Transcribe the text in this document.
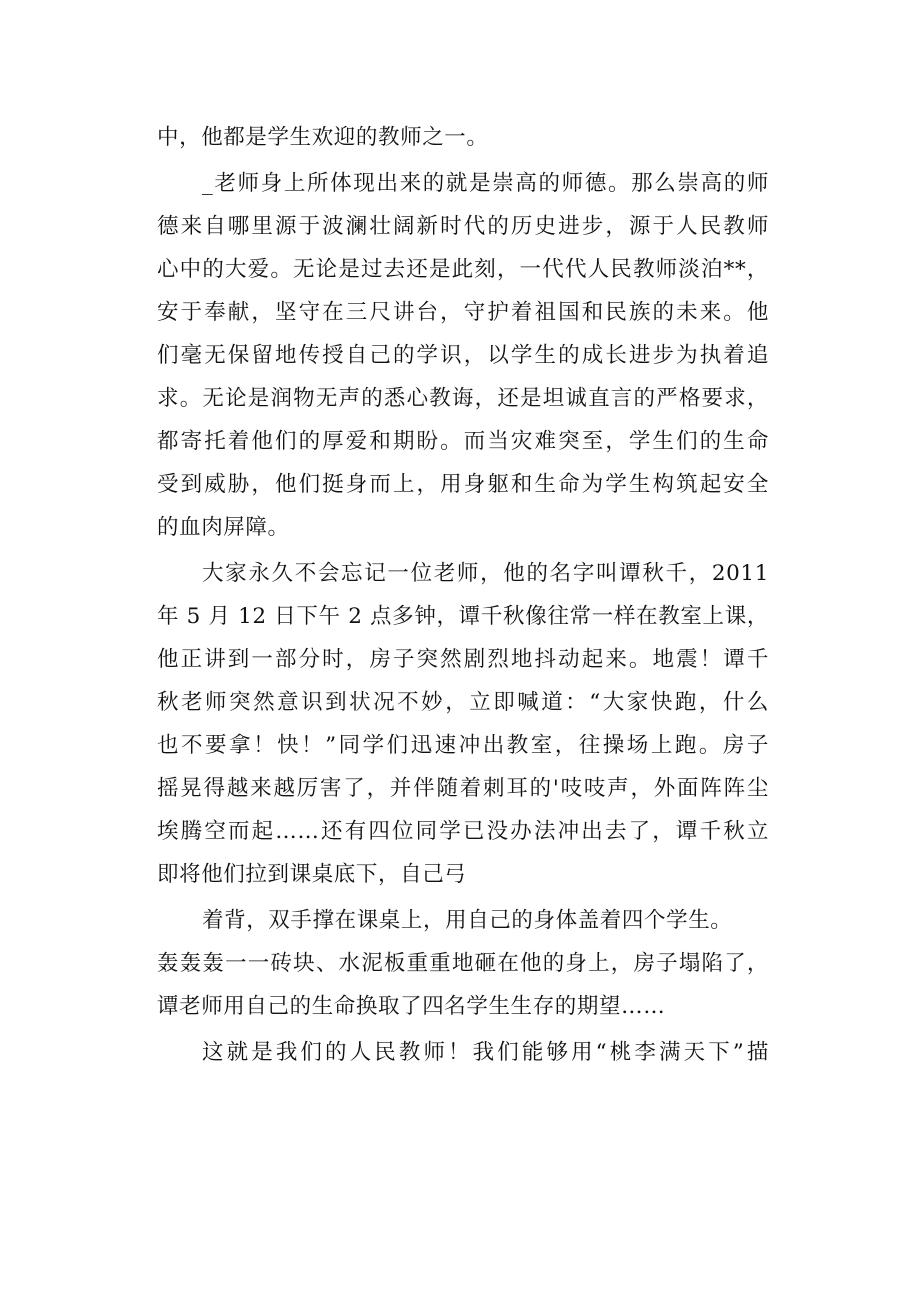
中，他都是学生欢迎的教师之一。

_老师身上所体现出来的就是崇高的师德。那么崇高的师
德来自哪里源于波澜壮阔新时代的历史进步，源于人民教师
心中的大爱。无论是过去还是此刻，一代代人民教师淡泊**，
安于奉献，坚守在三尺讲台，守护着祖国和民族的未来。他
们毫无保留地传授自己的学识，以学生的成长进步为执着追
求。无论是润物无声的悉心教诲，还是坦诚直言的严格要求，
都寄托着他们的厚爱和期盼。而当灾难突至，学生们的生命
受到威胁，他们挺身而上，用身躯和生命为学生构筑起安全
的血肉屏障。

大家永久不会忘记一位老师，他的名字叫谭秋千，2011
年 5 月 12 日下午 2 点多钟，谭千秋像往常一样在教室上课，
他正讲到一部分时，房子突然剧烈地抖动起来。地震！谭千
秋老师突然意识到状况不妙，立即喊道：“大家快跑，什么
也不要拿！快！”同学们迅速冲出教室，往操场上跑。房子
摇晃得越来越厉害了，并伴随着刺耳的'吱吱声，外面阵阵尘
埃腾空而起……还有四位同学已没办法冲出去了，谭千秋立
即将他们拉到课桌底下，自己弓

着背，双手撑在课桌上，用自己的身体盖着四个学生。
轰轰轰一一砖块、水泥板重重地砸在他的身上，房子塌陷了，
谭老师用自己的生命换取了四名学生生存的期望……

这就是我们的人民教师！我们能够用“桃李满天下”描
